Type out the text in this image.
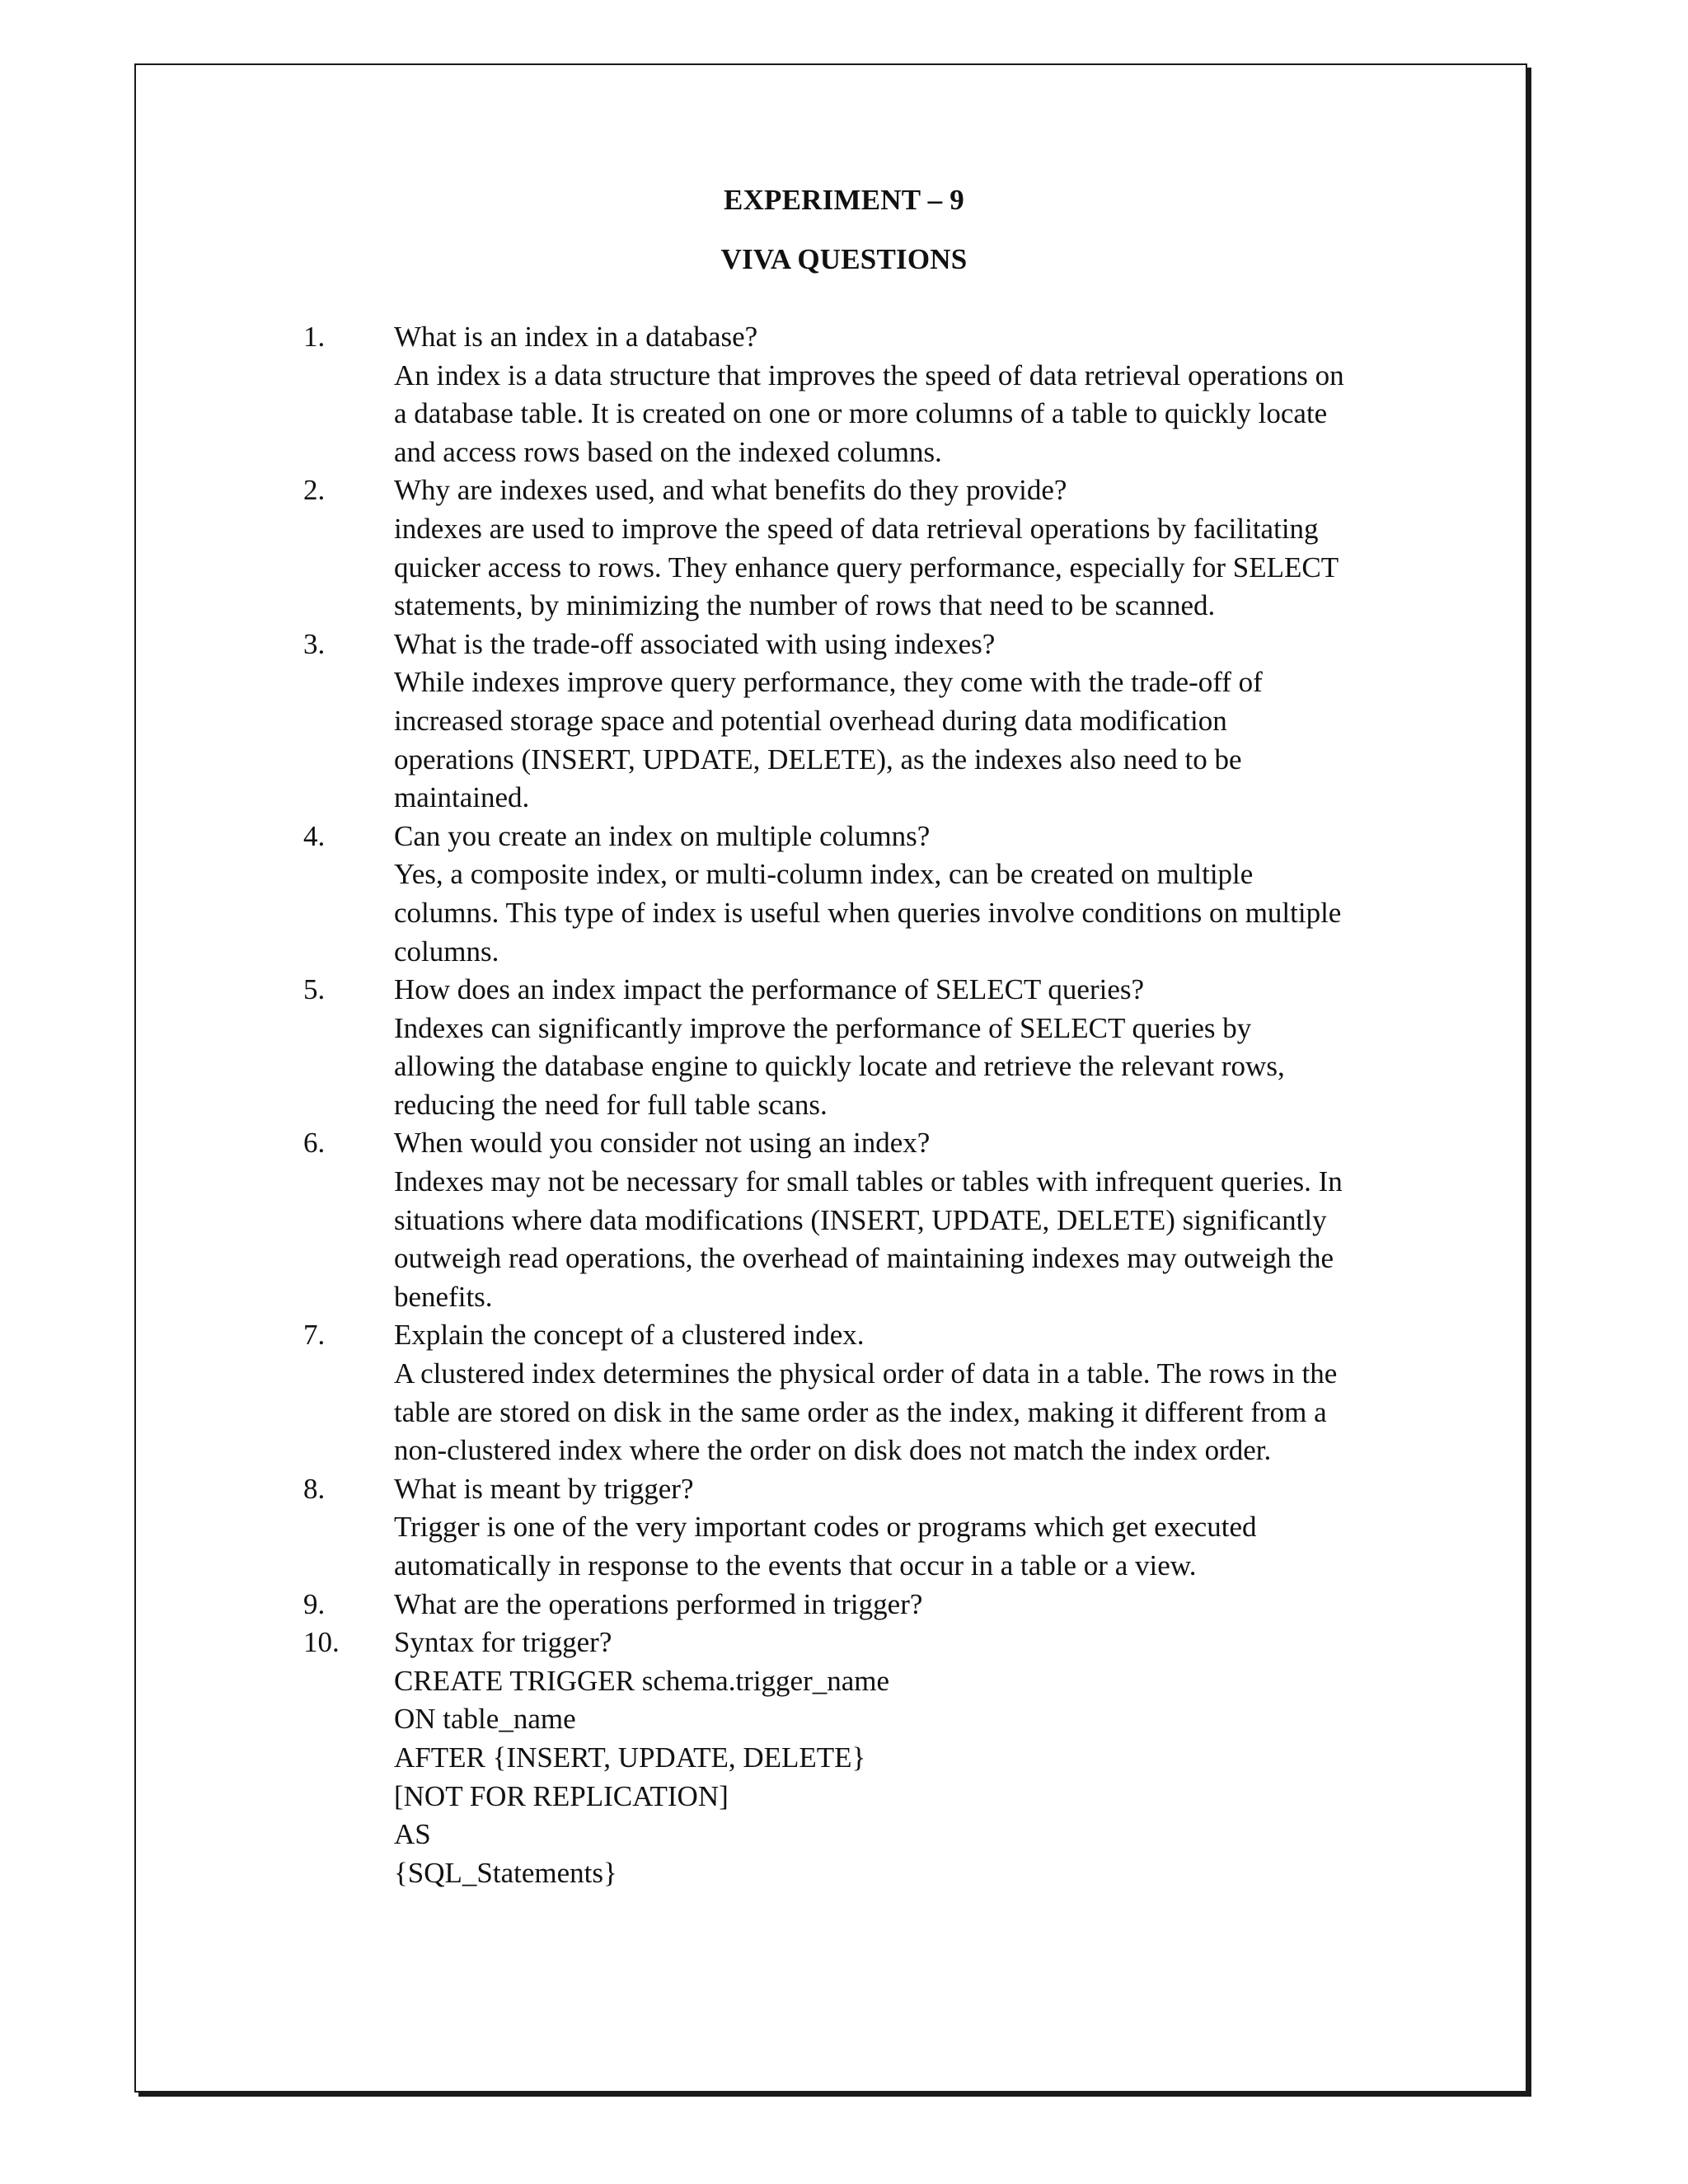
EXPERIMENT – 9
VIVA QUESTIONS
1. What is an index in a database?
An index is a data structure that improves the speed of data retrieval operations on
a database table. It is created on one or more columns of a table to quickly locate
and access rows based on the indexed columns.
2. Why are indexes used, and what benefits do they provide?
indexes are used to improve the speed of data retrieval operations by facilitating
quicker access to rows. They enhance query performance, especially for SELECT
statements, by minimizing the number of rows that need to be scanned.
3. What is the trade-off associated with using indexes?
While indexes improve query performance, they come with the trade-off of
increased storage space and potential overhead during data modification
operations (INSERT, UPDATE, DELETE), as the indexes also need to be
maintained.
4. Can you create an index on multiple columns?
Yes, a composite index, or multi-column index, can be created on multiple
columns. This type of index is useful when queries involve conditions on multiple
columns.
5. How does an index impact the performance of SELECT queries?
Indexes can significantly improve the performance of SELECT queries by
allowing the database engine to quickly locate and retrieve the relevant rows,
reducing the need for full table scans.
6. When would you consider not using an index?
Indexes may not be necessary for small tables or tables with infrequent queries. In
situations where data modifications (INSERT, UPDATE, DELETE) significantly
outweigh read operations, the overhead of maintaining indexes may outweigh the
benefits.
7. Explain the concept of a clustered index.
A clustered index determines the physical order of data in a table. The rows in the
table are stored on disk in the same order as the index, making it different from a
non-clustered index where the order on disk does not match the index order.
8. What is meant by trigger?
Trigger is one of the very important codes or programs which get executed
automatically in response to the events that occur in a table or a view.
9. What are the operations performed in trigger?
10. Syntax for trigger?
CREATE TRIGGER schema.trigger_name
ON table_name
AFTER {INSERT, UPDATE, DELETE}
[NOT FOR REPLICATION]
AS
{SQL_Statements}
